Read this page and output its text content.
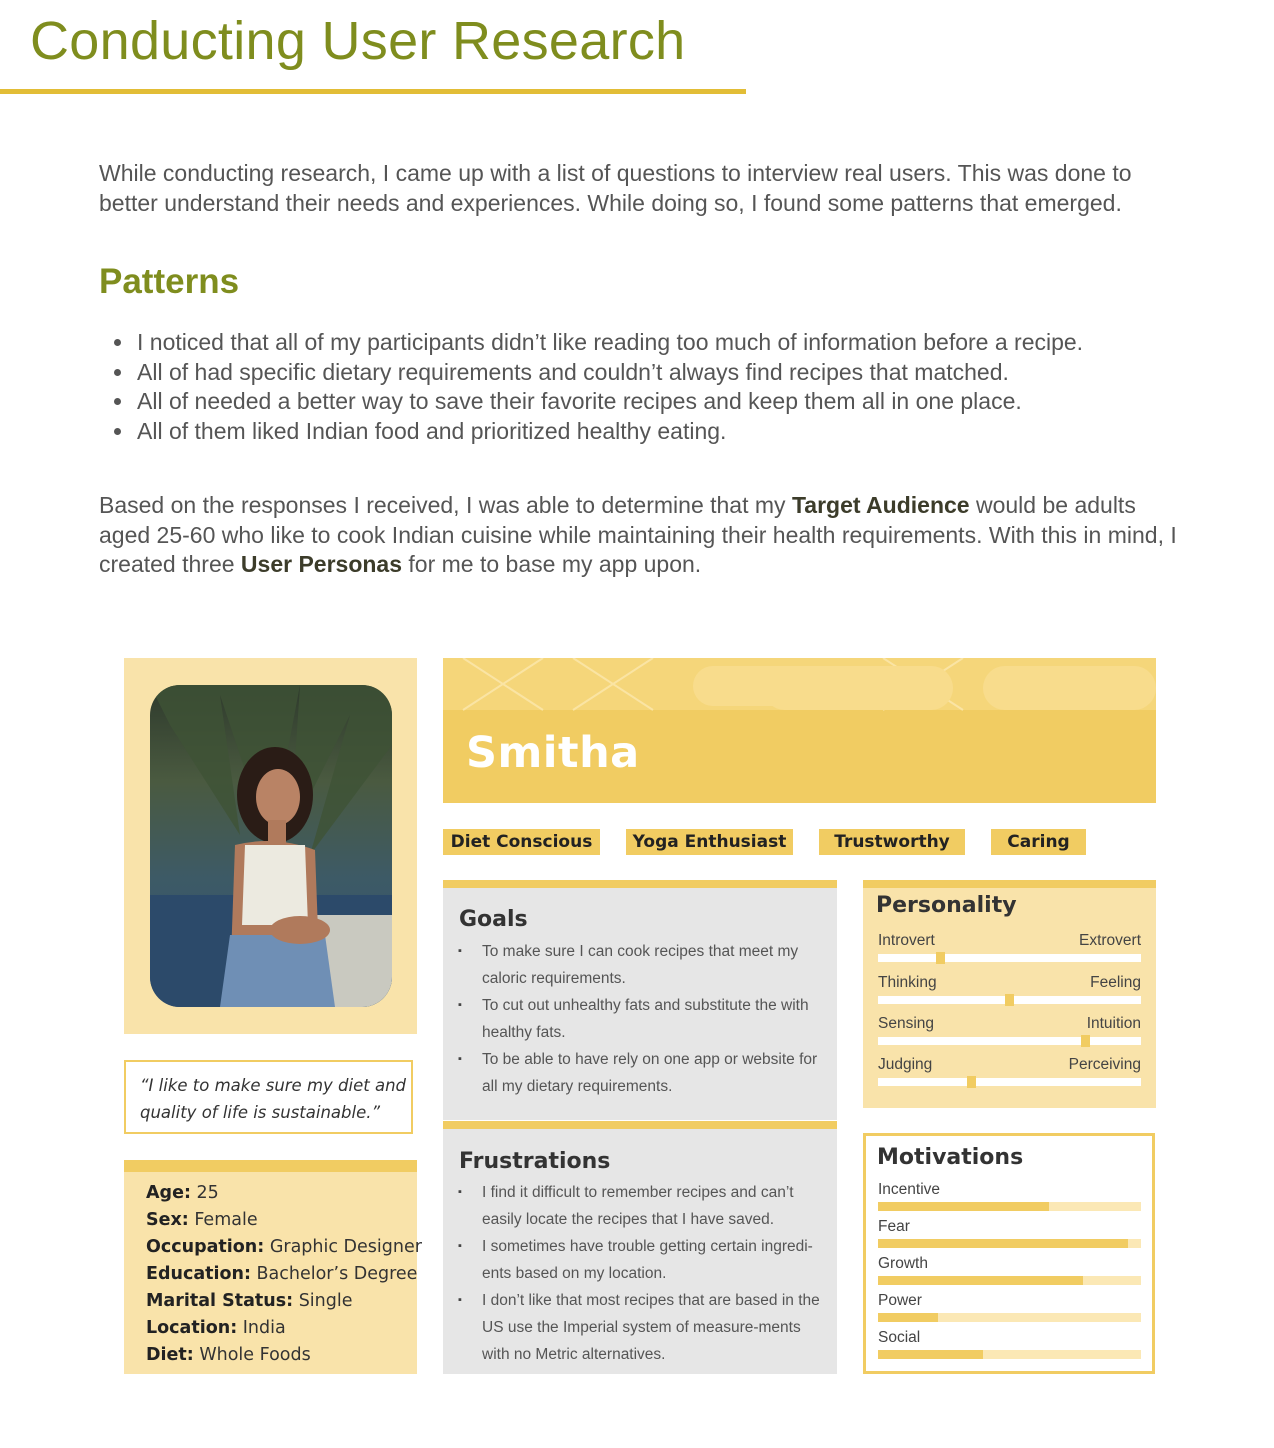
Conducting User Research

While conducting research, I came up with a list of questions to interview real users. This was done to better understand their needs and experiences. While doing so, I found some patterns that emerged.

Patterns
• I noticed that all of my participants didn’t like reading too much of information before a recipe.
• All of had specific dietary requirements and couldn’t always find recipes that matched.
• All of needed a better way to save their favorite recipes and keep them all in one place.
• All of them liked Indian food and prioritized healthy eating.

Based on the responses I received, I was able to determine that my Target Audience would be adults aged 25-60 who like to cook Indian cuisine while maintaining their health requirements. With this in mind, I created three User Personas for me to base my app upon.

“I like to make sure my diet and quality of life is sustainable.”
Age: 25
Sex: Female
Occupation: Graphic Designer
Education: Bachelor’s Degree
Marital Status: Single
Location: India
Diet: Whole Foods
Smitha
Diet Conscious	Yoga Enthusiast	Trustworthy	Caring
Goals
▪ To make sure I can cook recipes that meet my caloric requirements.
▪ To cut out unhealthy fats and substitute the with healthy fats.
▪ To be able to have rely on one app or website for all my dietary requirements.
Frustrations
▪ I find it difficult to remember recipes and can’t easily locate the recipes that I have saved.
▪ I sometimes have trouble getting certain ingredi-ents based on my location.
▪ I don’t like that most recipes that are based in the US use the Imperial system of measure-ments with no Metric alternatives.
Personality
Introvert	Extrovert
Thinking	Feeling
Sensing	Intuition
Judging	Perceiving
Motivations
Incentive
Fear
Growth
Power
Social
